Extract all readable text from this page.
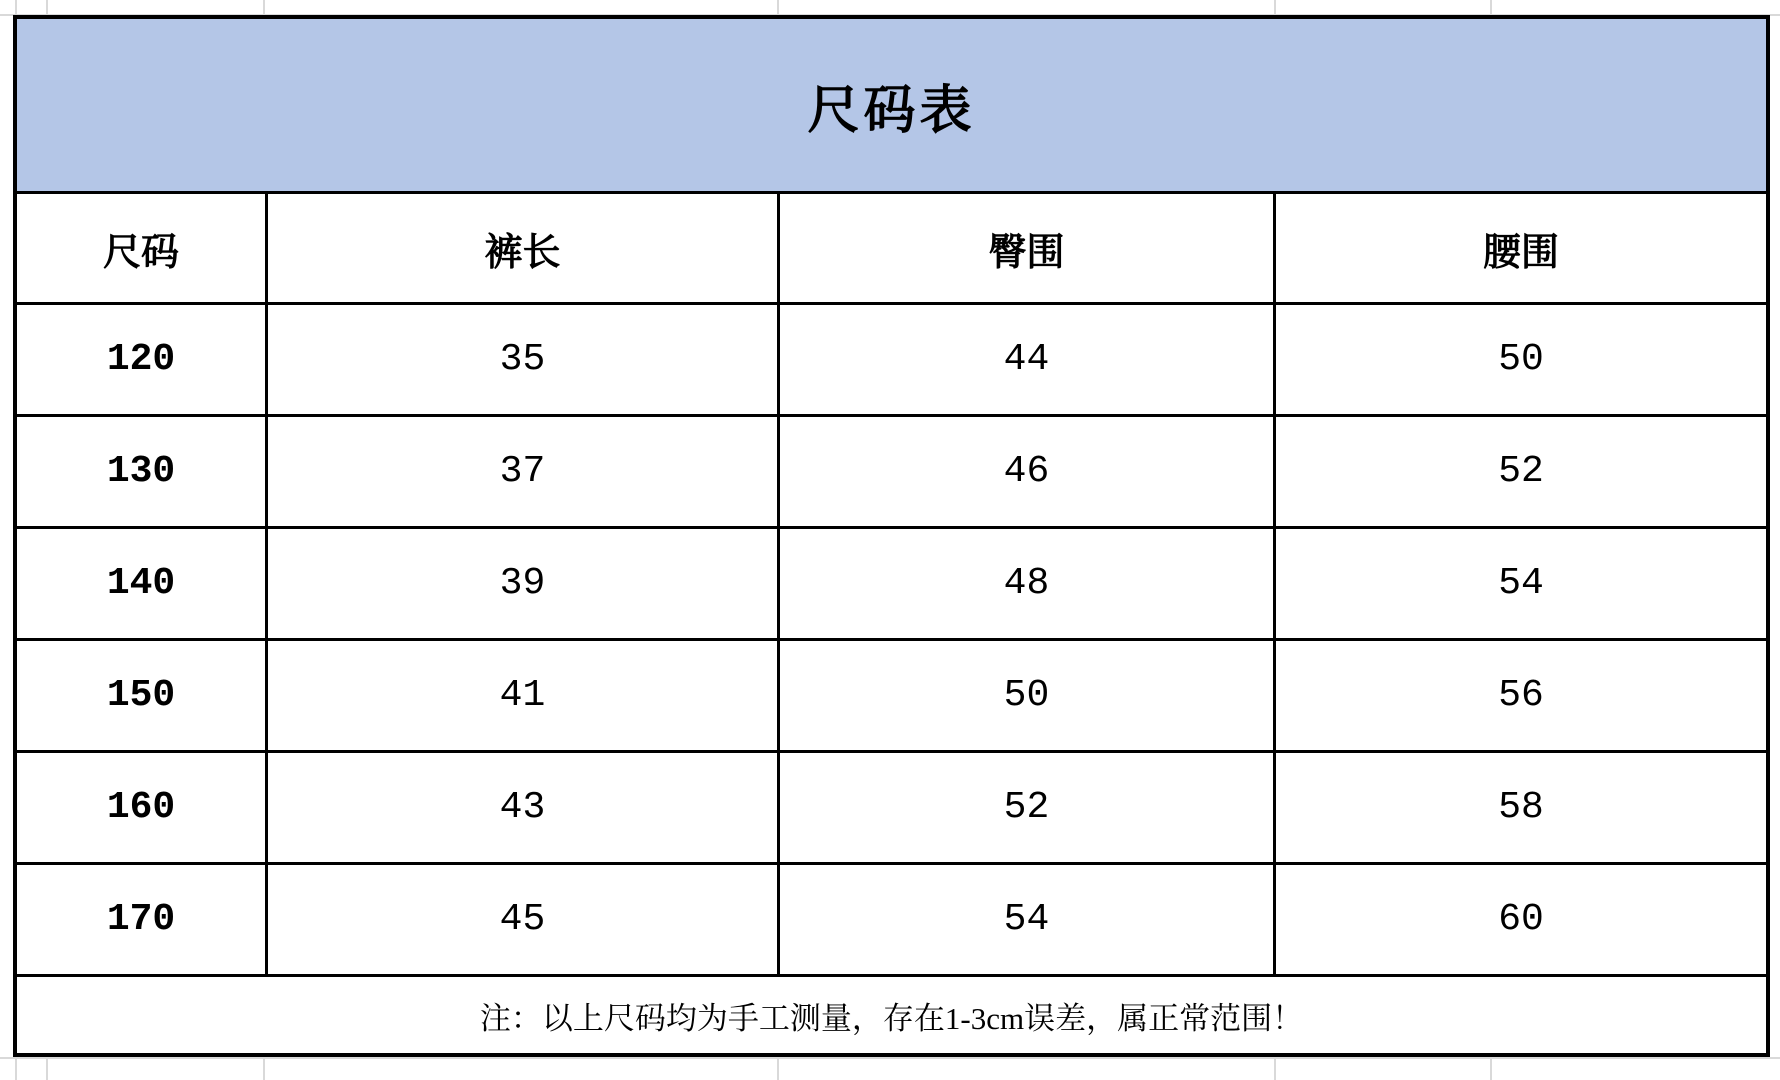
尺码表			
尺码	裤长	臀围	腰围
120	35	44	50
130	37	46	52
140	39	48	54
150	41	50	56
160	43	52	58
170	45	54	60
注：以上尺码均为手工测量，存在1-3cm误差，属正常范围！			
